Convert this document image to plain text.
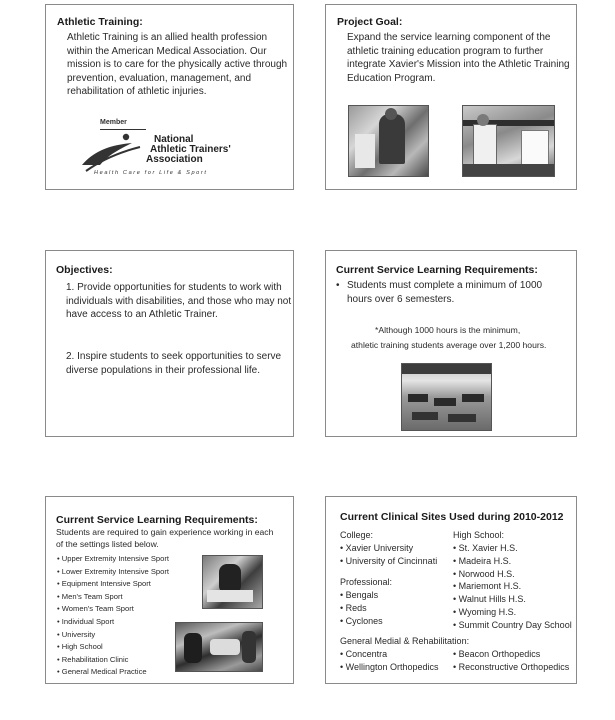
Athletic Training:
Athletic Training is an allied health profession within the American Medical Association. Our mission is to care for the physically active through prevention, evaluation, management, and rehabilitation of athletic injuries.
Member
National
Athletic Trainers'
Association
Health Care for Life & Sport
Project Goal:
Expand the service learning component of the athletic training education program to further integrate Xavier's Mission into the Athletic Training Education Program.
Objectives:
1. Provide opportunities for students to work with individuals with disabilities, and those who may not have access to an Athletic Trainer.
2. Inspire students to seek opportunities to serve diverse populations in their professional life.
Current Service Learning Requirements:
• Students must complete a minimum of 1000 hours over 6 semesters.
*Although 1000 hours is the minimum,
athletic training students average over 1,200 hours.
Current Service Learning Requirements:
Students are required to gain experience working in each of the settings listed below.
• Upper Extremity Intensive Sport
• Lower Extremity Intensive Sport
• Equipment Intensive Sport
• Men's Team Sport
• Women's Team Sport
• Individual Sport
• University
• High School
• Rehabilitation Clinic
• General Medical Practice
Current Clinical Sites Used during 2010-2012
College:
• Xavier University
• University of Cincinnati
Professional:
• Bengals
• Reds
• Cyclones
High School:
• St. Xavier H.S.
• Madeira H.S.
• Norwood H.S.
• Mariemont H.S.
• Walnut Hills H.S.
• Wyoming H.S.
• Summit Country Day School
General Medial & Rehabilitation:
• Concentra
• Wellington Orthopedics
• Beacon Orthopedics
• Reconstructive Orthopedics
